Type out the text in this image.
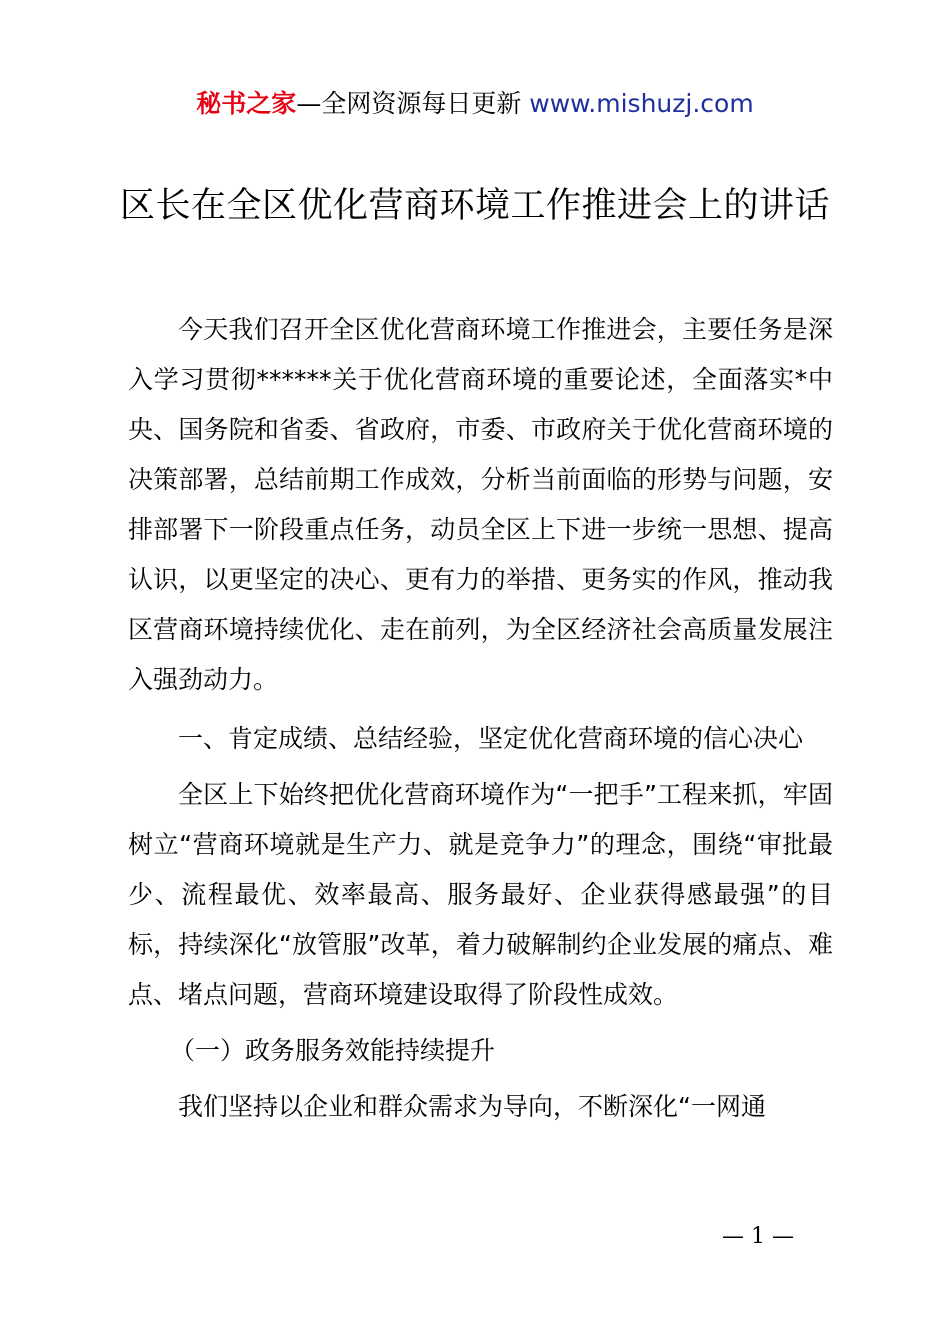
秘书之家—全网资源每日更新 www.mishuzj.com
区长在全区优化营商环境工作推进会上的讲话

今天我们召开全区优化营商环境工作推进会，主要任务是深入学习贯彻******关于优化营商环境的重要论述，全面落实*中央、国务院和省委、省政府，市委、市政府关于优化营商环境的决策部署，总结前期工作成效，分析当前面临的形势与问题，安排部署下一阶段重点任务，动员全区上下进一步统一思想、提高认识，以更坚定的决心、更有力的举措、更务实的作风，推动我区营商环境持续优化、走在前列，为全区经济社会高质量发展注入强劲动力。

一、肯定成绩、总结经验，坚定优化营商环境的信心决心

全区上下始终把优化营商环境作为“一把手”工程来抓，牢固树立“营商环境就是生产力、就是竞争力”的理念，围绕“审批最少、流程最优、效率最高、服务最好、企业获得感最强”的目标，持续深化“放管服”改革，着力破解制约企业发展的痛点、难点、堵点问题，营商环境建设取得了阶段性成效。

（一）政务服务效能持续提升

我们坚持以企业和群众需求为导向，不断深化“一网通

— 1 —
